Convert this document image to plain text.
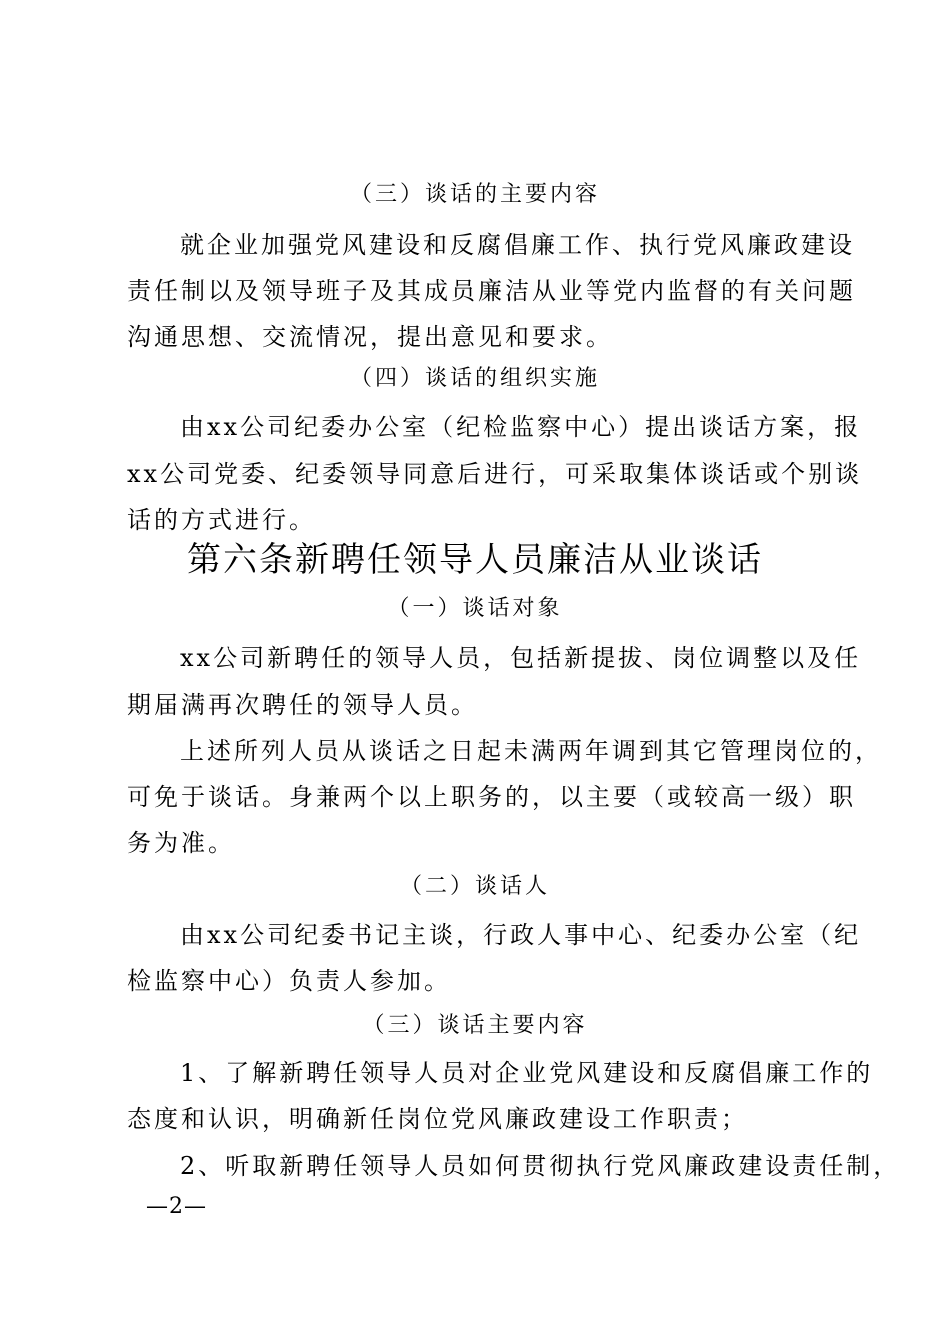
（三）谈话的主要内容
就企业加强党风建设和反腐倡廉工作、执行党风廉政建设
责任制以及领导班子及其成员廉洁从业等党内监督的有关问题
沟通思想、交流情况，提出意见和要求。
（四）谈话的组织实施
由xx公司纪委办公室（纪检监察中心）提出谈话方案，报
xx公司党委、纪委领导同意后进行，可采取集体谈话或个别谈
话的方式进行。
第六条新聘任领导人员廉洁从业谈话
（一）谈话对象
xx公司新聘任的领导人员，包括新提拔、岗位调整以及任
期届满再次聘任的领导人员。
上述所列人员从谈话之日起未满两年调到其它管理岗位的，
可免于谈话。身兼两个以上职务的，以主要（或较高一级）职
务为准。
（二）谈话人
由xx公司纪委书记主谈，行政人事中心、纪委办公室（纪
检监察中心）负责人参加。
（三）谈话主要内容
1、了解新聘任领导人员对企业党风建设和反腐倡廉工作的
态度和认识，明确新任岗位党风廉政建设工作职责；
2、听取新聘任领导人员如何贯彻执行党风廉政建设责任制，
—2—
